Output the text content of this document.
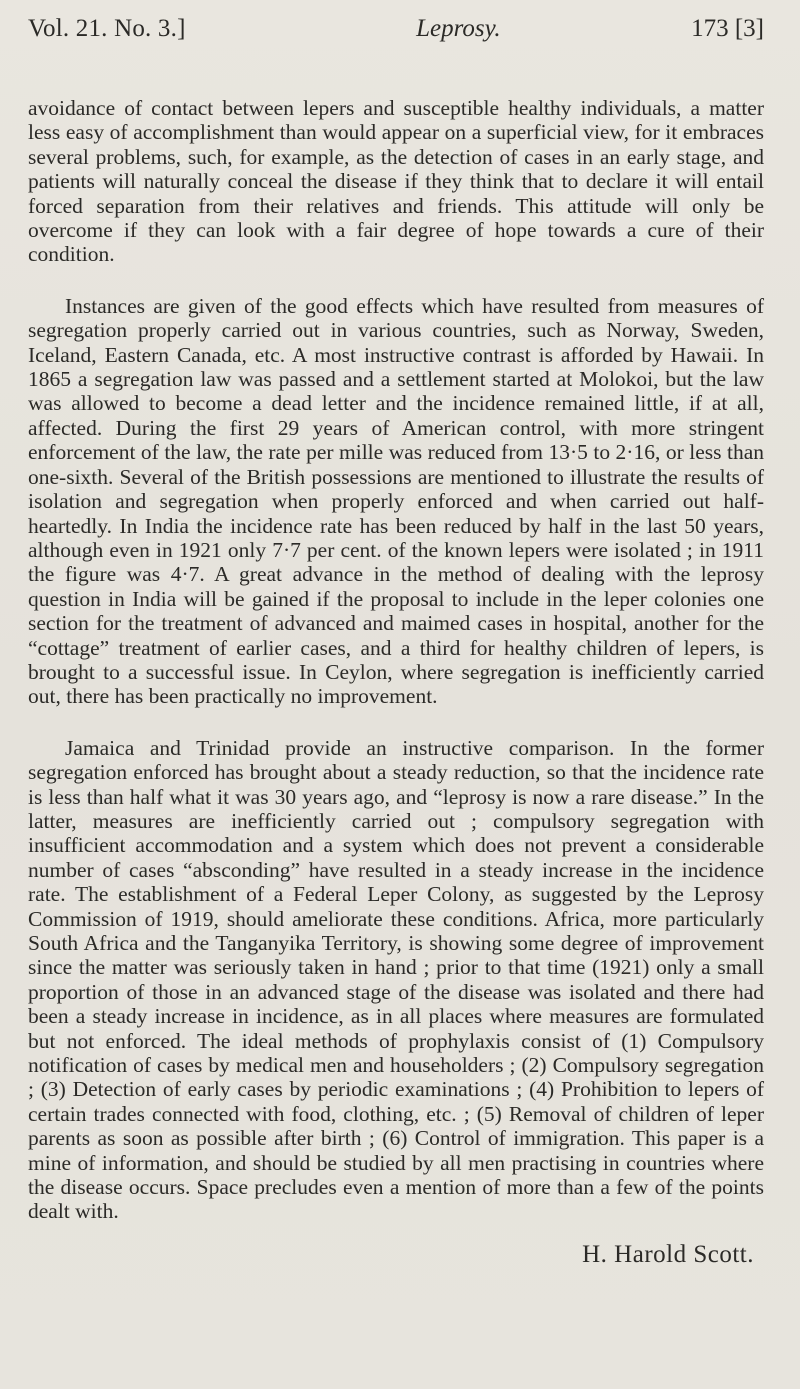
Vol. 21. No. 3.]	Leprosy.	173 [3]

avoidance of contact between lepers and susceptible healthy individuals, a matter less easy of accomplishment than would appear on a superficial view, for it embraces several problems, such, for example, as the detection of cases in an early stage, and patients will naturally conceal the disease if they think that to declare it will entail forced separation from their relatives and friends. This attitude will only be overcome if they can look with a fair degree of hope towards a cure of their condition.

Instances are given of the good effects which have resulted from measures of segregation properly carried out in various countries, such as Norway, Sweden, Iceland, Eastern Canada, etc. A most instructive contrast is afforded by Hawaii. In 1865 a segregation law was passed and a settlement started at Molokoi, but the law was allowed to become a dead letter and the incidence remained little, if at all, affected. During the first 29 years of American control, with more stringent enforcement of the law, the rate per mille was reduced from 13·5 to 2·16, or less than one-sixth. Several of the British possessions are mentioned to illustrate the results of isolation and segregation when properly enforced and when carried out half-heartedly. In India the incidence rate has been reduced by half in the last 50 years, although even in 1921 only 7·7 per cent. of the known lepers were isolated ; in 1911 the figure was 4·7. A great advance in the method of dealing with the leprosy question in India will be gained if the proposal to include in the leper colonies one section for the treatment of advanced and maimed cases in hospital, another for the “cottage” treatment of earlier cases, and a third for healthy children of lepers, is brought to a successful issue. In Ceylon, where segregation is inefficiently carried out, there has been practically no improvement.

Jamaica and Trinidad provide an instructive comparison. In the former segregation enforced has brought about a steady reduction, so that the incidence rate is less than half what it was 30 years ago, and “leprosy is now a rare disease.” In the latter, measures are inefficiently carried out ; compulsory segregation with insufficient accommodation and a system which does not prevent a considerable number of cases “absconding” have resulted in a steady increase in the incidence rate. The establishment of a Federal Leper Colony, as suggested by the Leprosy Commission of 1919, should ameliorate these conditions. Africa, more particularly South Africa and the Tanganyika Territory, is showing some degree of improvement since the matter was seriously taken in hand ; prior to that time (1921) only a small proportion of those in an advanced stage of the disease was isolated and there had been a steady increase in incidence, as in all places where measures are formulated but not enforced. The ideal methods of prophylaxis consist of (1) Compulsory notification of cases by medical men and householders ; (2) Compulsory segregation ; (3) Detection of early cases by periodic examinations ; (4) Prohibition to lepers of certain trades connected with food, clothing, etc. ; (5) Removal of children of leper parents as soon as possible after birth ; (6) Control of immigration. This paper is a mine of information, and should be studied by all men practising in countries where the disease occurs. Space precludes even a mention of more than a few of the points dealt with.

H. Harold Scott.
